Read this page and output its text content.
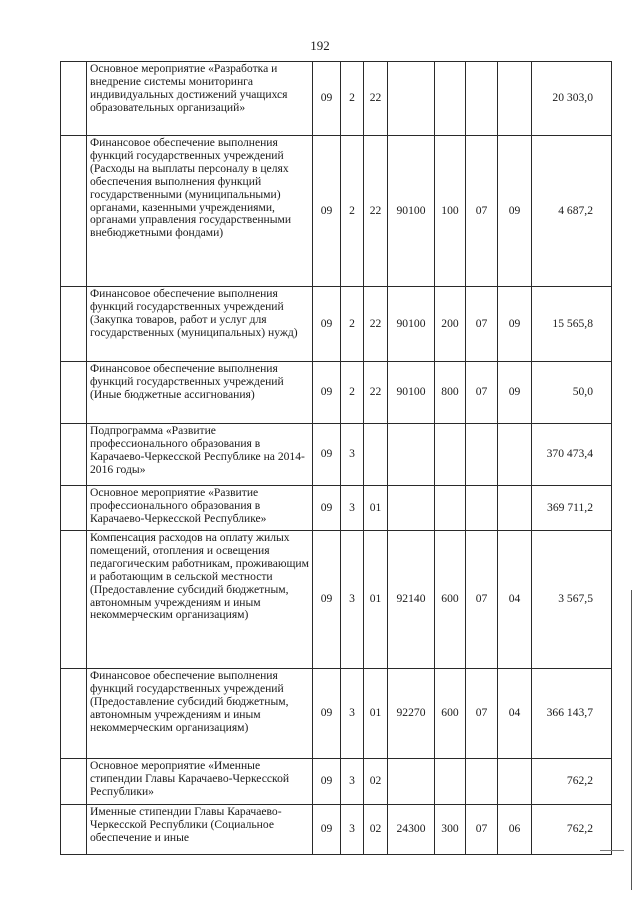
192
	Основное мероприятие «Разработка и внедрение системы мониторинга индивидуальных достижений учащихся образовательных организаций»	09	2	22					20 303,0
	Финансовое обеспечение выполнения функций государственных учреждений (Расходы на выплаты персоналу в целях обеспечения выполнения функций государственными (муниципальными) органами, казенными учреждениями, органами управления государственными внебюджетными фондами)	09	2	22	90100	100	07	09	4 687,2
	Финансовое обеспечение выполнения функций государственных учреждений (Закупка товаров, работ и услуг для государственных (муниципальных) нужд)	09	2	22	90100	200	07	09	15 565,8
	Финансовое обеспечение выполнения функций государственных учреждений (Иные бюджетные ассигнования)	09	2	22	90100	800	07	09	50,0
	Подпрограмма «Развитие профессионального образования в Карачаево-Черкесской Республике на 2014-2016 годы»	09	3						370 473,4
	Основное мероприятие «Развитие профессионального образования в Карачаево-Черкесской Республике»	09	3	01					369 711,2
	Компенсация расходов на оплату жилых помещений, отопления и освещения педагогическим работникам, проживающим и работающим в сельской местности (Предоставление субсидий бюджетным, автономным учреждениям и иным некоммерческим организациям)	09	3	01	92140	600	07	04	3 567,5
	Финансовое обеспечение выполнения функций государственных учреждений (Предоставление субсидий бюджетным, автономным учреждениям и иным некоммерческим организациям)	09	3	01	92270	600	07	04	366 143,7
	Основное мероприятие «Именные стипендии Главы Карачаево-Черкесской Республики»	09	3	02					762,2
	Именные стипендии Главы Карачаево-Черкесской Республики (Социальное обеспечение и иные	09	3	02	24300	300	07	06	762,2
